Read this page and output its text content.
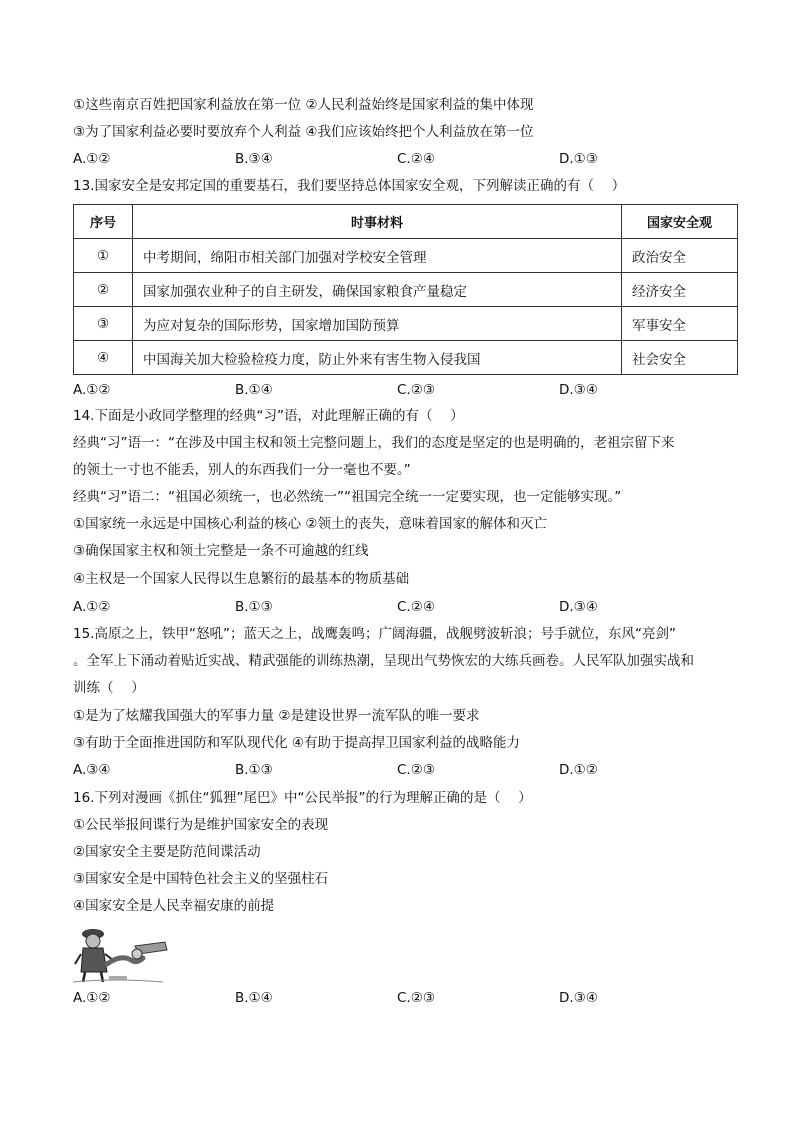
①这些南京百姓把国家利益放在第一位 ②人民利益始终是国家利益的集中体现
③为了国家利益必要时要放弃个人利益 ④我们应该始终把个人利益放在第一位
A.①②	B.③④	C.②④	D.①③
13.国家安全是安邦定国的重要基石，我们要坚持总体国家安全观，下列解读正确的有（　 ）
序号	时事材料	国家安全观
①	中考期间，绵阳市相关部门加强对学校安全管理	政治安全
②	国家加强农业种子的自主研发，确保国家粮食产量稳定	经济安全
③	为应对复杂的国际形势，国家增加国防预算	军事安全
④	中国海关加大检验检疫力度，防止外来有害生物入侵我国	社会安全
A.①②	B.①④	C.②③	D.③④
14.下面是小政同学整理的经典“习”语，对此理解正确的有（　 ）
经典“习”语一：“在涉及中国主权和领土完整问题上，我们的态度是坚定的也是明确的，老祖宗留下来
的领土一寸也不能丢，别人的东西我们一分一毫也不要。”
经典“习”语二：“祖国必须统一，也必然统一”“祖国完全统一一定要实现，也一定能够实现。”
①国家统一永远是中国核心利益的核心 ②领土的丧失，意味着国家的解体和灭亡
③确保国家主权和领土完整是一条不可逾越的红线
④主权是一个国家人民得以生息繁衍的最基本的物质基础
A.①②	B.①③	C.②④	D.③④
15.高原之上，铁甲“怒吼”；蓝天之上，战鹰轰鸣；广阔海疆，战舰劈波斩浪；号手就位，东风“亮剑”
。全军上下涌动着贴近实战、精武强能的训练热潮，呈现出气势恢宏的大练兵画卷。人民军队加强实战和
训练（　 ）
①是为了炫耀我国强大的军事力量 ②是建设世界一流军队的唯一要求
③有助于全面推进国防和军队现代化 ④有助于提高捍卫国家利益的战略能力
A.③④	B.①③	C.②③	D.①②
16.下列对漫画《抓住“狐狸”尾巴》中“公民举报”的行为理解正确的是（　 ）
①公民举报间谍行为是维护国家安全的表现
②国家安全主要是防范间谍活动
③国家安全是中国特色社会主义的坚强柱石
④国家安全是人民幸福安康的前提
A.①②	B.①④	C.②③	D.③④
